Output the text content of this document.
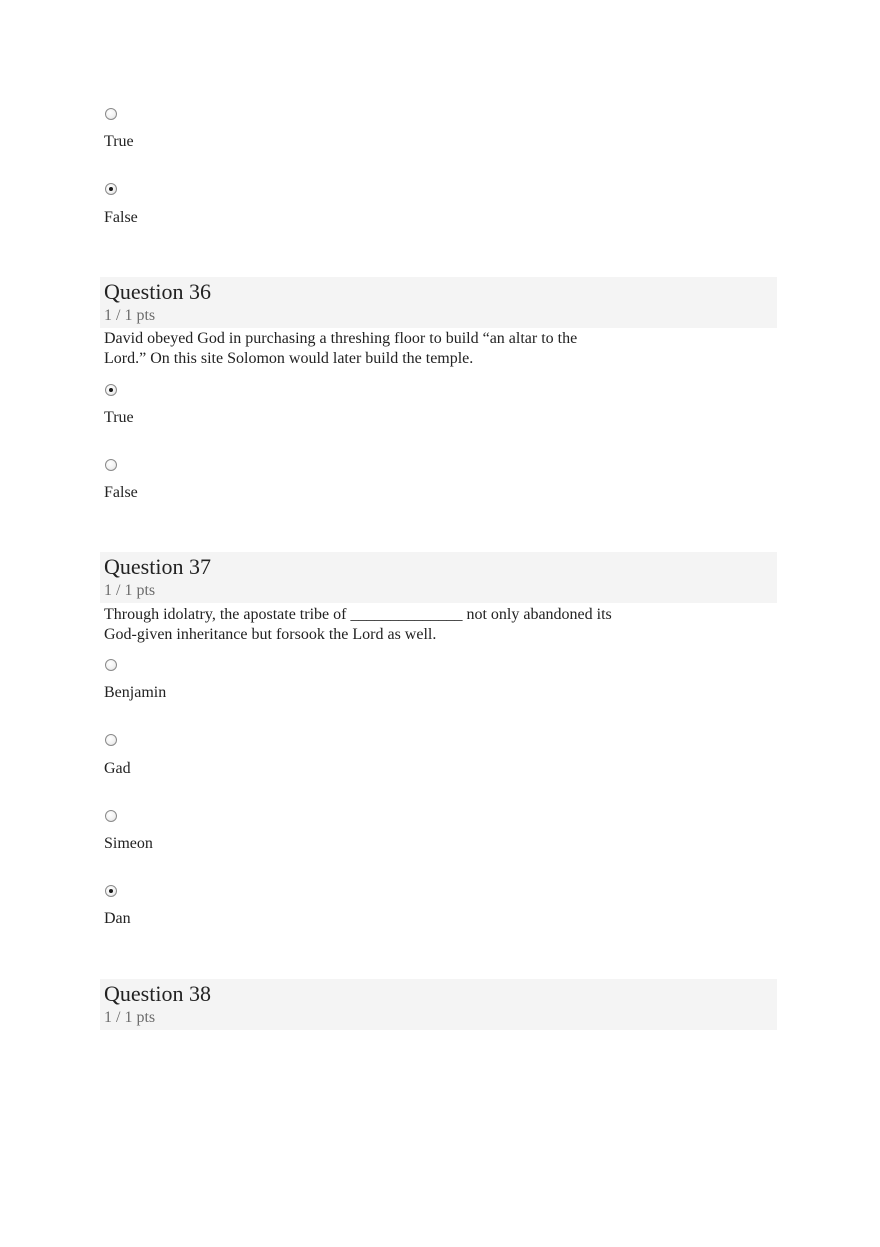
True
False
Question 36
1 / 1 pts
David obeyed God in purchasing a threshing floor to build “an altar to the
Lord.” On this site Solomon would later build the temple.
True
False
Question 37
1 / 1 pts
Through idolatry, the apostate tribe of ______________ not only abandoned its
God-given inheritance but forsook the Lord as well.
Benjamin
Gad
Simeon
Dan
Question 38
1 / 1 pts
